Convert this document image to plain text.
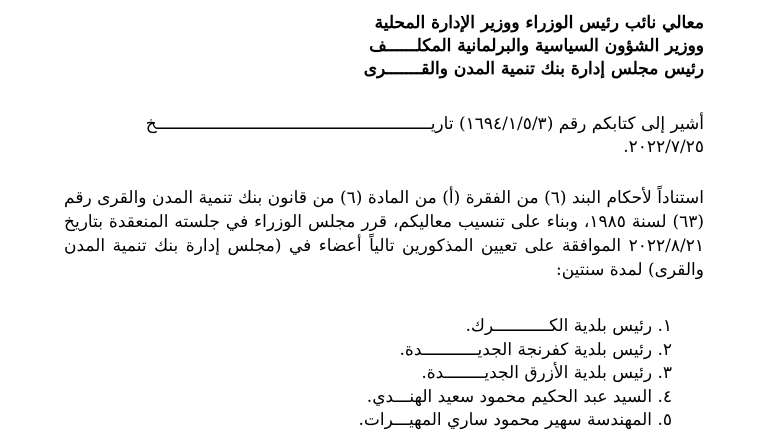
معالي نائب رئيس الوزراء ووزير الإدارة المحلية
ووزير الشؤون السياسية والبرلمانية المكلــــــف
رئيس مجلس إدارة بنك تنمية المدن والقـــــــرى
أشير إلى كتابكم رقم (١٦٩٤/١/٥/٣) تاريـــــــــــــــــــــــــــــــــــــــــــــــــــــــخ
٢٠٢٢/٧/٢٥.
استناداً لأحكام البند (٦) من الفقرة (أ) من المادة (٦) من قانون بنك تنمية المدن والقرى رقم (٦٣) لسنة ١٩٨٥، وبناء على تنسيب معاليكم، قرر مجلس الوزراء في جلسته المنعقدة بتاريخ ٢٠٢٢/٨/٢١ الموافقة على تعيين المذكورين تالياً أعضاء في (مجلس إدارة بنك تنمية المدن والقرى) لمدة سنتين:
١. رئيس بلدية الكـــــــــــرك.
٢. رئيس بلدية كفرنجة الجديـــــــــــدة.
٣. رئيس بلدية الأزرق الجديــــــــدة.
٤. السيد عبد الحكيم محمود سعيد الهنـــدي.
٥. المهندسة سهير محمود ساري المهيـــرات.
